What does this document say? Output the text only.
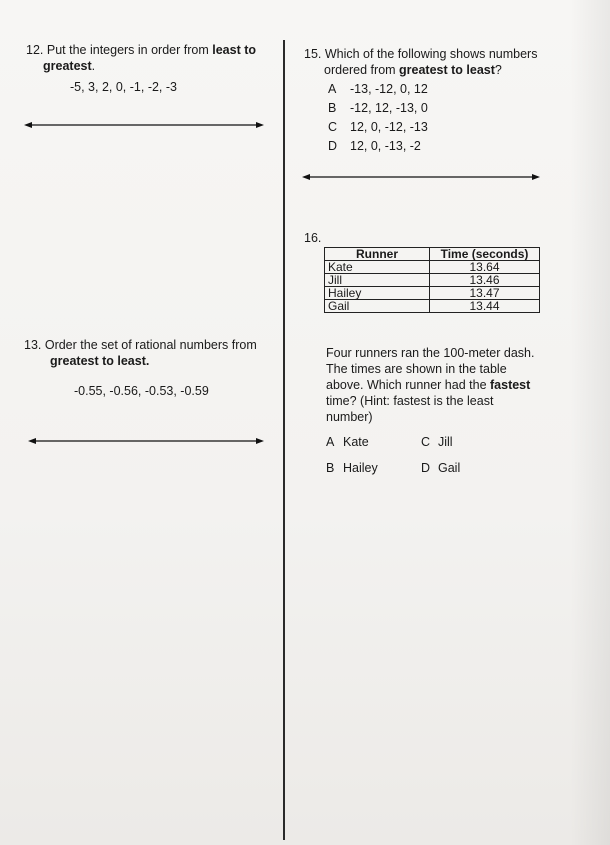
12. Put the integers in order from least to
greatest.
-5, 3, 2, 0, -1, -2, -3
13. Order the set of rational numbers from
greatest to least.
-0.55, -0.56, -0.53, -0.59
15. Which of the following shows numbers
ordered from greatest to least?
A -13, -12, 0, 12
B -12, 12, -13, 0
C 12, 0, -12, -13
D 12, 0, -13, -2
16.
Runner	Time (seconds)
Kate	13.64
Jill	13.46
Hailey	13.47
Gail	13.44
Four runners ran the 100-meter dash. The times are shown in the table above. Which runner had the fastest time? (Hint: fastest is the least number)
A Kate	C Jill
B Hailey	D Gail
